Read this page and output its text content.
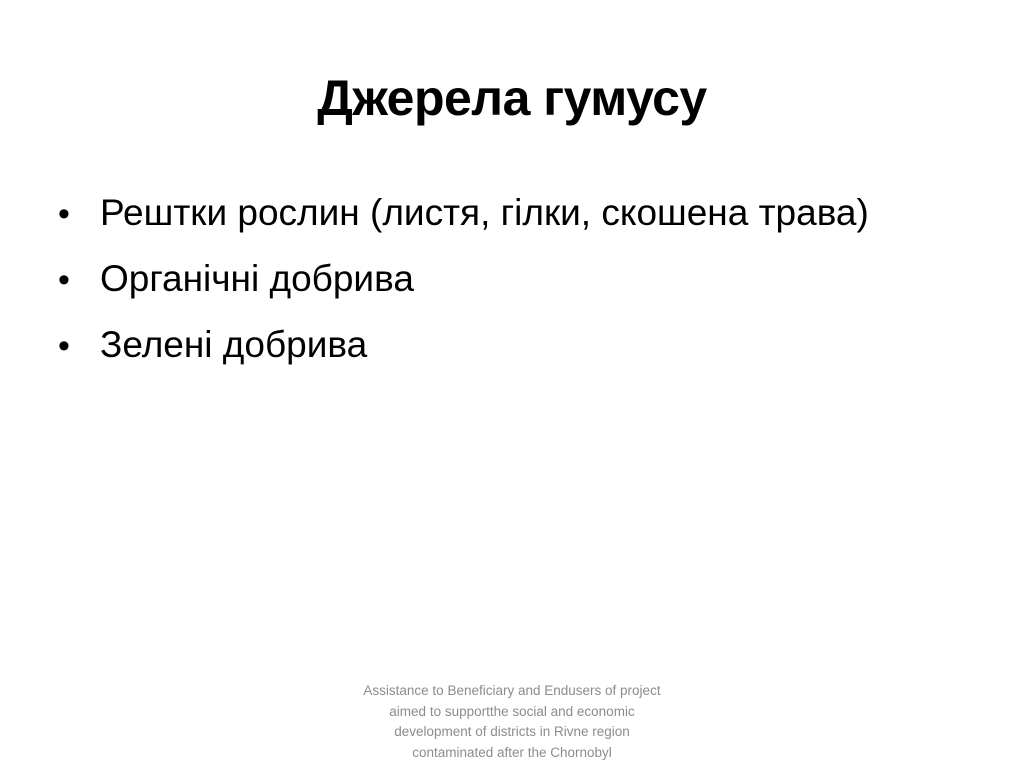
Джерела гумусу
• Рештки рослин (листя, гілки, скошена трава)
• Органічні добрива
• Зелені добрива

Assistance to Beneficiary and Endusers of project aimed to supportthe social and economic development of districts in Rivne region contaminated after the Chornobyl
